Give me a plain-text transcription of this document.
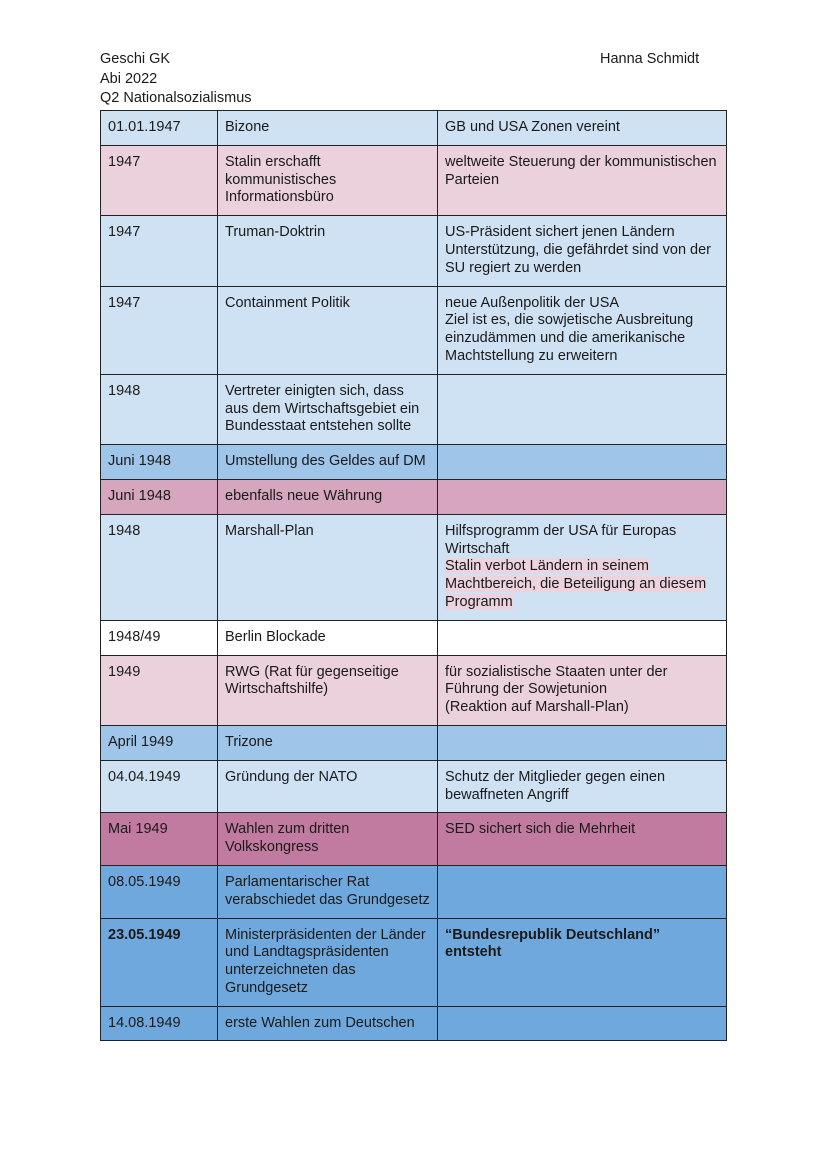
Geschi GK
Abi 2022
Q2 Nationalsozialismus
Hanna Schmidt
01.01.1947	Bizone	GB und USA Zonen vereint

1947	Stalin erschafft kommunistisches Informationsbüro	weltweite Steuerung der kommunistischen Parteien

1947	Truman-Doktrin	US-Präsident sichert jenen Ländern Unterstützung, die gefährdet sind von der SU regiert zu werden

1947	Containment Politik	neue Außenpolitik der USA
Ziel ist es, die sowjetische Ausbreitung einzudämmen und die amerikanische Machtstellung zu erweitern

1948	Vertreter einigten sich, dass aus dem Wirtschaftsgebiet ein Bundesstaat entstehen sollte	
Juni 1948	Umstellung des Geldes auf DM	
Juni 1948	ebenfalls neue Währung	
1948	Marshall-Plan	Hilfsprogramm der USA für Europas Wirtschaft
Stalin verbot Ländern in seinem Machtbereich, die Beteiligung an diesem Programm

1948/49	Berlin Blockade	
1949	RWG (Rat für gegenseitige Wirtschaftshilfe)	für sozialistische Staaten unter der Führung der Sowjetunion
(Reaktion auf Marshall-Plan)

April 1949	Trizone	
04.04.1949	Gründung der NATO	Schutz der Mitglieder gegen einen bewaffneten Angriff

Mai 1949	Wahlen zum dritten Volkskongress	SED sichert sich die Mehrheit

08.05.1949	Parlamentarischer Rat verabschiedet das Grundgesetz	
23.05.1949	Ministerpräsidenten der Länder und Landtagspräsidenten unterzeichneten das Grundgesetz	“Bundesrepublik Deutschland” entsteht

14.08.1949	erste Wahlen zum Deutschen	
